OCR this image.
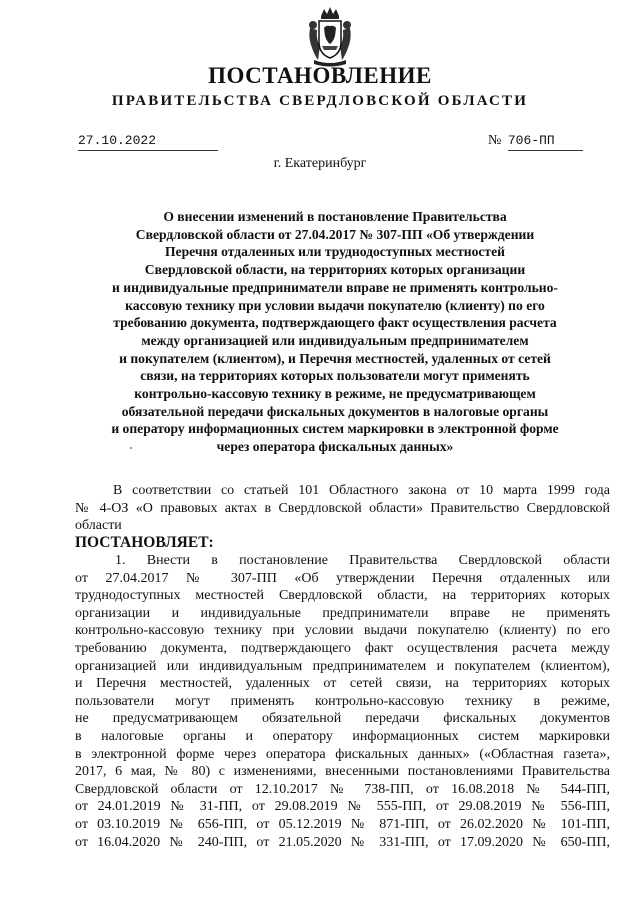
ПОСТАНОВЛЕНИЕ
ПРАВИТЕЛЬСТВА СВЕРДЛОВСКОЙ ОБЛАСТИ
27.10.2022	№ 706-ПП
г. Екатеринбург
О внесении изменений в постановление Правительства
Свердловской области от 27.04.2017 № 307-ПП «Об утверждении
Перечня отдаленных или труднодоступных местностей
Свердловской области, на территориях которых организации
и индивидуальные предприниматели вправе не применять контрольно-
кассовую технику при условии выдачи покупателю (клиенту) по его
требованию документа, подтверждающего факт осуществления расчета
между организацией или индивидуальным предпринимателем
и покупателем (клиентом), и Перечня местностей, удаленных от сетей
связи, на территориях которых пользователи могут применять
контрольно-кассовую технику в режиме, не предусматривающем
обязательной передачи фискальных документов в налоговые органы
и оператору информационных систем маркировки в электронной форме
через оператора фискальных данных»
В соответствии со статьей 101 Областного закона от 10 марта 1999 года
№ 4-ОЗ «О правовых актах в Свердловской области» Правительство Свердловской
области
ПОСТАНОВЛЯЕТ:
1. Внести в постановление Правительства Свердловской области
от 27.04.2017 № 307-ПП «Об утверждении Перечня отдаленных или
труднодоступных местностей Свердловской области, на территориях которых
организации и индивидуальные предприниматели вправе не применять
контрольно-кассовую технику при условии выдачи покупателю (клиенту) по его
требованию документа, подтверждающего факт осуществления расчета между
организацией или индивидуальным предпринимателем и покупателем (клиентом),
и Перечня местностей, удаленных от сетей связи, на территориях которых
пользователи могут применять контрольно-кассовую технику в режиме,
не предусматривающем обязательной передачи фискальных документов
в налоговые органы и оператору информационных систем маркировки
в электронной форме через оператора фискальных данных» («Областная газета»,
2017, 6 мая, № 80) с изменениями, внесенными постановлениями Правительства
Свердловской области от 12.10.2017 № 738-ПП, от 16.08.2018 № 544-ПП,
от 24.01.2019 № 31-ПП, от 29.08.2019 № 555-ПП, от 29.08.2019 № 556-ПП,
от 03.10.2019 № 656-ПП, от 05.12.2019 № 871-ПП, от 26.02.2020 № 101-ПП,
от 16.04.2020 № 240-ПП, от 21.05.2020 № 331-ПП, от 17.09.2020 № 650-ПП,
